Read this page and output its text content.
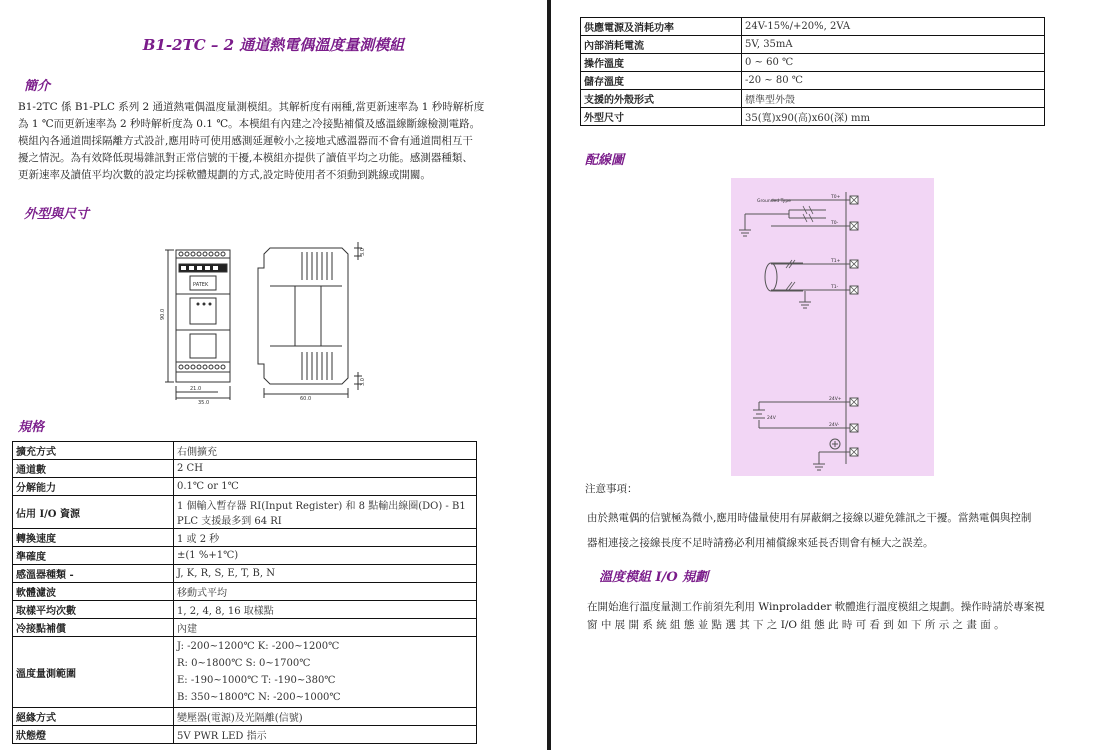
B1-2TC – 2 通道熱電偶溫度量測模組
簡介
B1-2TC 係 B1-PLC 系列 2 通道熱電偶溫度量測模組。其解析度有兩種,當更新速率為 1 秒時解析度
為 1 ℃而更新速率為 2 秒時解析度為 0.1 ℃。本模組有內建之冷接點補償及感溫線斷線檢測電路。
模組內各通道間採隔離方式設計,應用時可使用感測延遲較小之接地式感溫器而不會有通道間相互干
擾之情況。為有效降低現場雜訊對正常信號的干擾,本模組亦提供了讀值平均之功能。感測器種類、
更新速率及讀值平均次數的設定均採軟體規劃的方式,設定時使用者不須動到跳線或開關。
外型與尺寸
PATEK
90.0
21.0
35.0
60.0
3.0
3.0
規格
擴充方式	右側擴充

通道數	2 CH

分解能力	0.1℃ or 1℃

佔用 I/O 資源	1 個輸入暫存器 RI(Input Register) 和 8 點輸出線圈(DO) - B1
PLC 支援最多到 64 RI

轉換速度	1 或 2 秒

準確度	±(1 %+1℃)

感溫器種類 -	J, K, R, S, E, T, B, N

軟體濾波	移動式平均

取樣平均次數	1, 2, 4, 8, 16 取樣點

冷接點補償	內建

溫度量測範圍	J: -200~1200℃ K: -200~1200℃
R: 0~1800℃ S: 0~1700℃
E: -190~1000℃ T: -190~380℃
B: 350~1800℃ N: -200~1000℃

絕緣方式	變壓器(電源)及光隔離(信號)

狀態燈	5V PWR LED 指示
供應電源及消耗功率	24V-15%/+20%, 2VA
內部消耗電流	5V, 35mA
操作溫度	0 ~ 60 ℃
儲存溫度	-20 ~ 80 ℃
支援的外殼形式	標準型外殼
外型尺寸	35(寬)x90(高)x60(深) mm
配線圖
Grounded Type
T0+
T0-
T1+
T1-
24V+
24V-
24V
注意事項：
由於熱電偶的信號極為微小,應用時儘量使用有屏蔽網之接線以避免雜訊之干擾。當熱電偶與控制
器相連接之接線長度不足時請務必利用補償線來延長否則會有極大之誤差。
溫度模組 I/O 規劃
在開始進行溫度量測工作前須先利用 Winproladder 軟體進行溫度模組之規劃。操作時請於專案視
窗 中 展 開 系 統 組 態 並 點 選 其 下 之 I/O 組 態 此 時 可 看 到 如 下 所 示 之 畫 面 。
